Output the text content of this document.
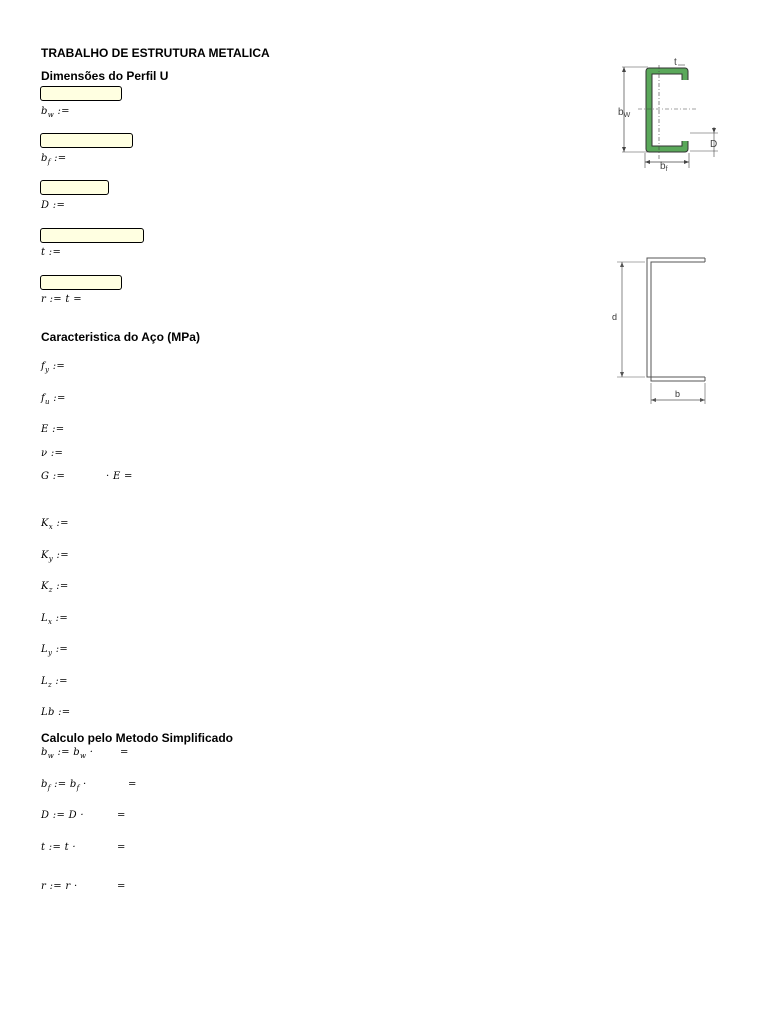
TRABALHO DE ESTRUTURA METALICA
Dimensões do Perfil U
Caracteristica do Aço (MPa)
Calculo pelo Metodo Simplificado
$b_w$ :=
$b_f$ :=
D :=
t :=
r := t =
$f_y$ :=
$f_u$ :=
E :=
ν :=
G :=	· E =
$K_x$ :=
$K_y$ :=
$K_z$ :=
$L_x$ :=
$L_y$ :=
$L_z$ :=
Lb :=
$b_w$ := $b_w$ ·	=
$b_f$ := $b_f$ ·	=
D := D ·	=
t := t ·	=
r := r ·	=
$b_W$
t
D
$b_f$
d
b
